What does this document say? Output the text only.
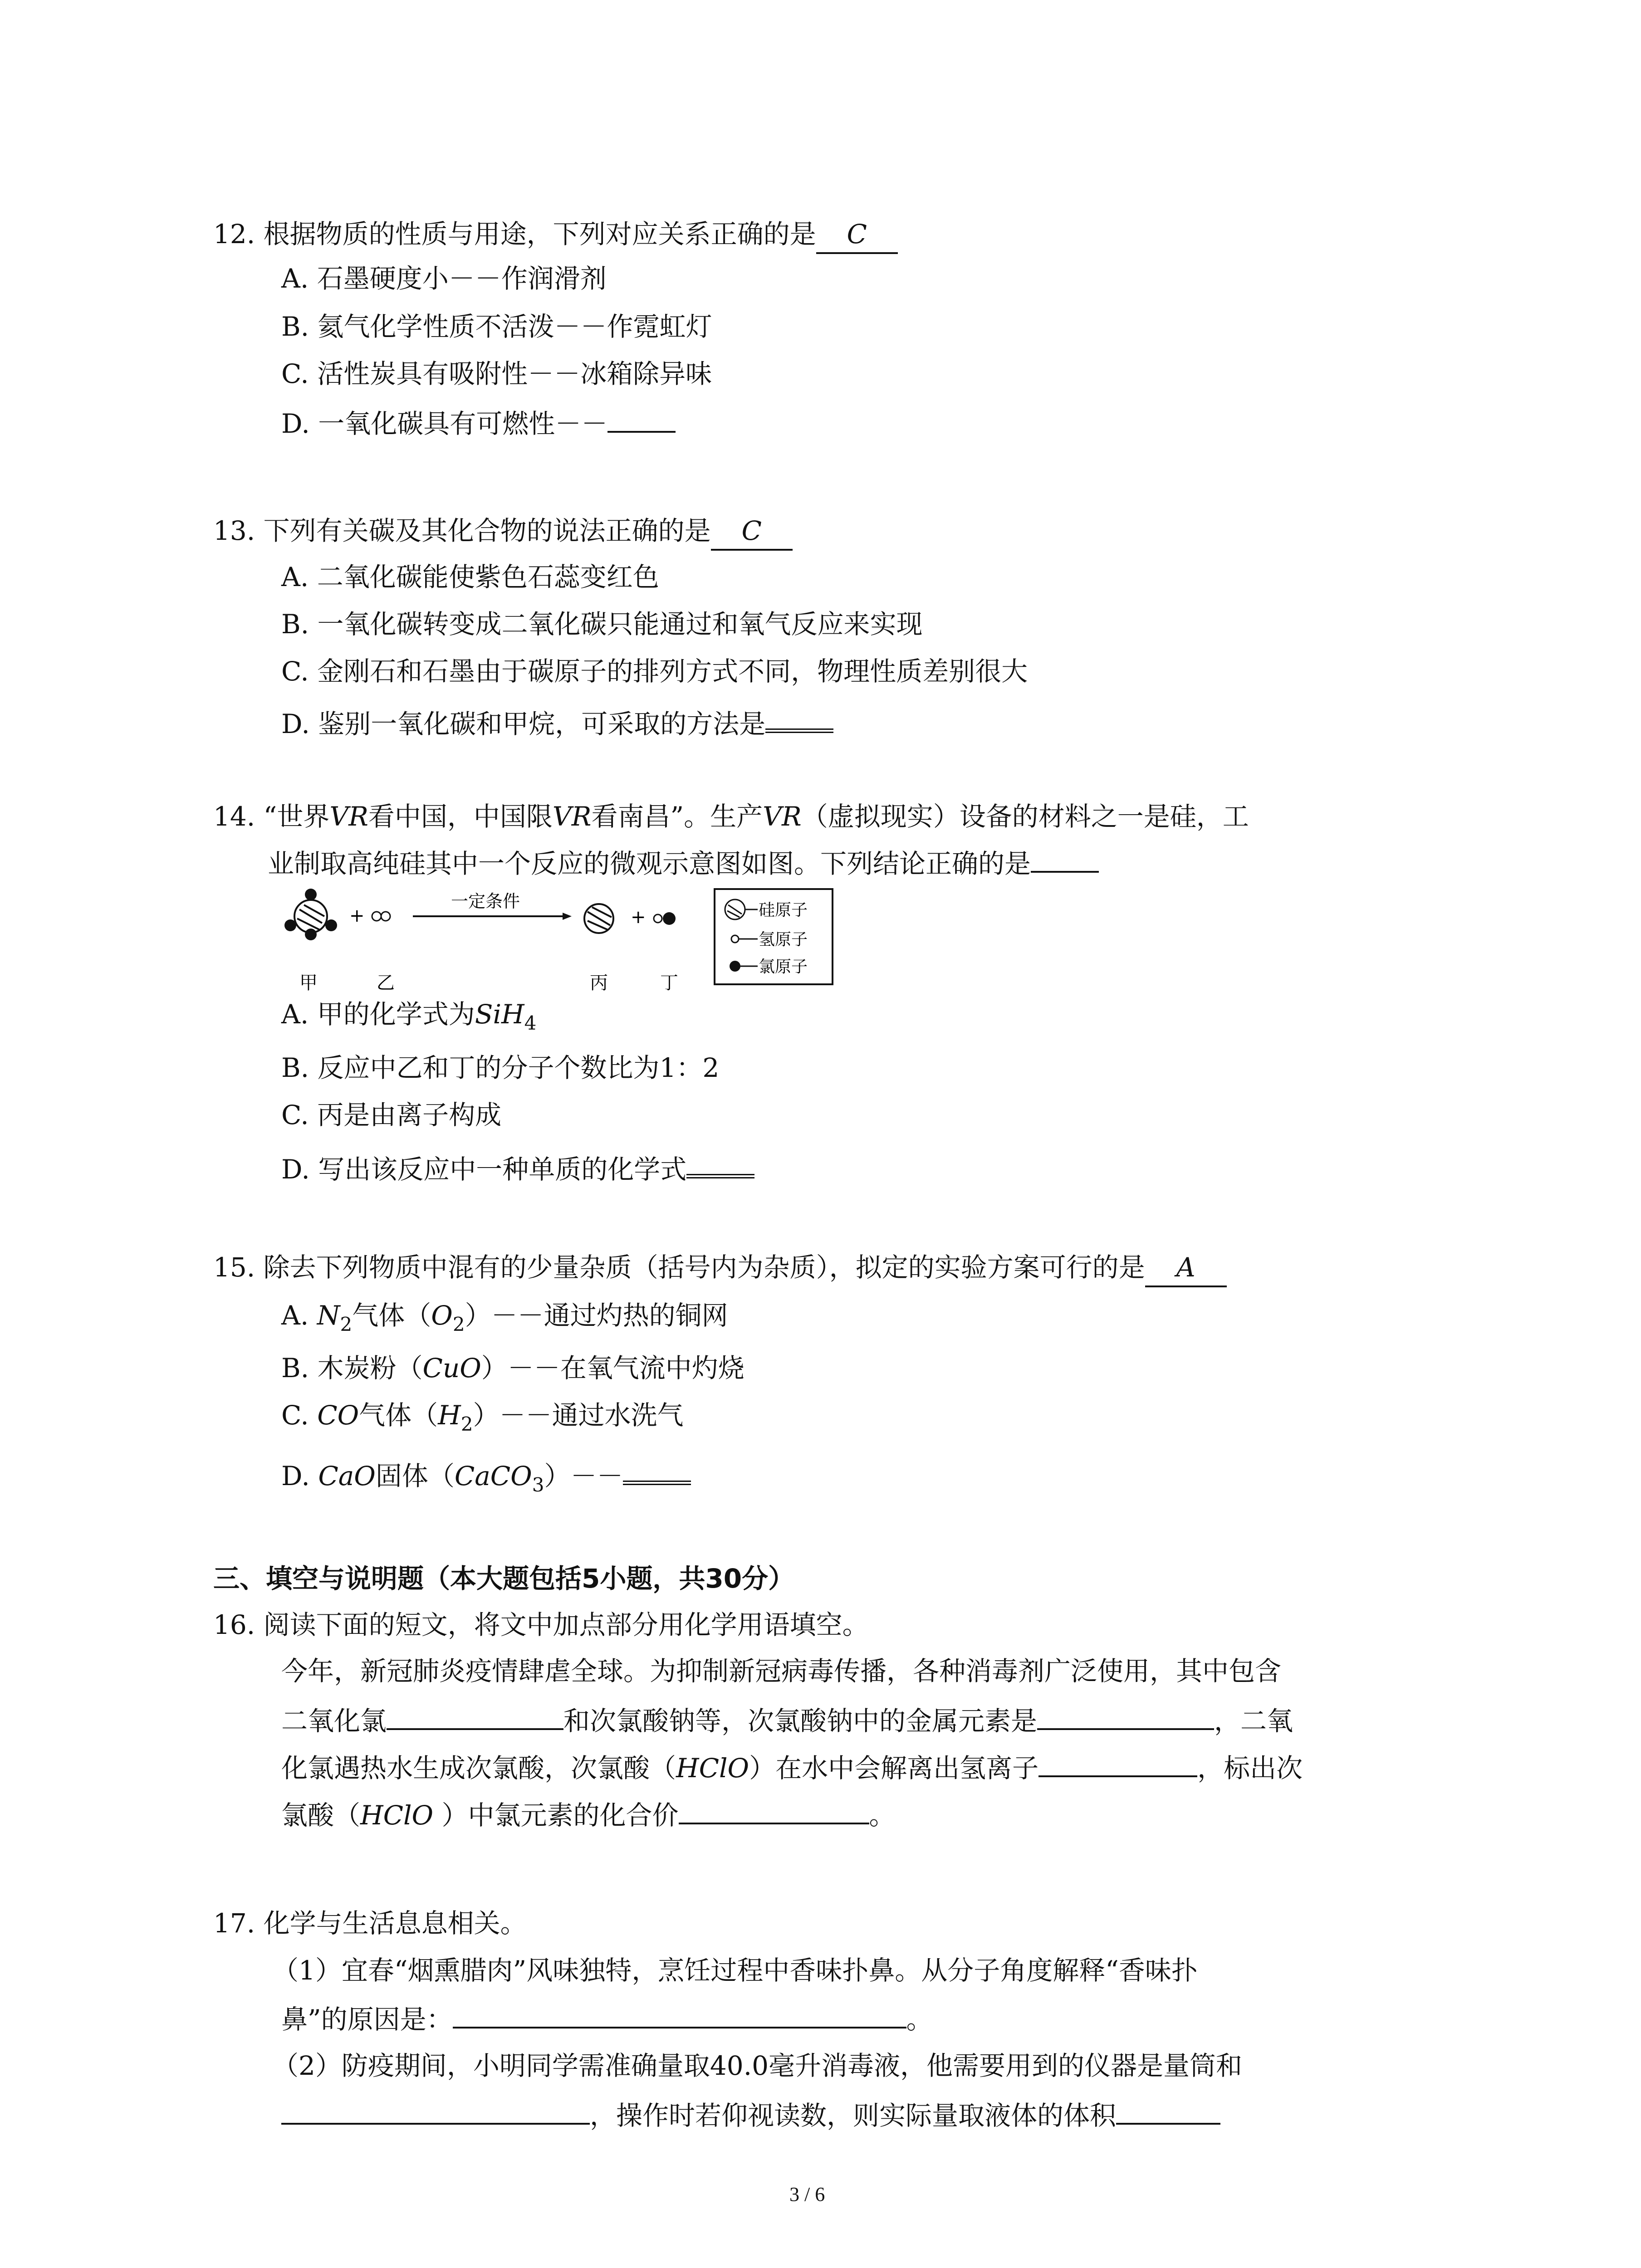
12. 根据物质的性质与用途，下列对应关系正确的是 C
A. 石墨硬度小－－作润滑剂
B. 氦气化学性质不活泼－－作霓虹灯
C. 活性炭具有吸附性－－冰箱除异味
D. 一氧化碳具有可燃性－－
13. 下列有关碳及其化合物的说法正确的是 C
A. 二氧化碳能使紫色石蕊变红色
B. 一氧化碳转变成二氧化碳只能通过和氧气反应来实现
C. 金刚石和石墨由于碳原子的排列方式不同，物理性质差别很大
D. 鉴别一氧化碳和甲烷，可采取的方法是
14. “世界VR看中国，中国限VR看南昌”。生产VR（虚拟现实）设备的材料之一是硅，工
业制取高纯硅其中一个反应的微观示意图如图。下列结论正确的是
+
一定条件
+
甲	乙	丙	丁
硅原子
氢原子
氯原子
A. 甲的化学式为SiH$_4$
B. 反应中乙和丁的分子个数比为1：2
C. 丙是由离子构成
D. 写出该反应中一种单质的化学式
15. 除去下列物质中混有的少量杂质（括号内为杂质），拟定的实验方案可行的是 A
A. $N_2$气体$(O_2)--$通过灼热的铜网
B. 木炭粉（CuO）－－在氧气流中灼烧
C. CO气体$(H_2)--$通过水洗气
D. CaO固体（CaCO$_3$）－－
三、填空与说明题（本大题包括5小题，共30分）
16. 阅读下面的短文，将文中加点部分用化学用语填空。
今年，新冠肺炎疫情肆虐全球。为抑制新冠病毒传播，各种消毒剂广泛使用，其中包含
二氧化氯	和次氯酸钠等，次氯酸钠中的金属元素是	，二氧
化氯遇热水生成次氯酸，次氯酸（HClO）在水中会解离出氢离子	，标出次
氯酸（HClO ）中氯元素的化合价	。
17. 化学与生活息息相关。
（1）宜春“烟熏腊肉”风味独特，烹饪过程中香味扑鼻。从分子角度解释“香味扑
鼻”的原因是：	。
（2）防疫期间，小明同学需准确量取40.0毫升消毒液，他需要用到的仪器是量筒和
，操作时若仰视读数，则实际量取液体的体积
3 / 6
